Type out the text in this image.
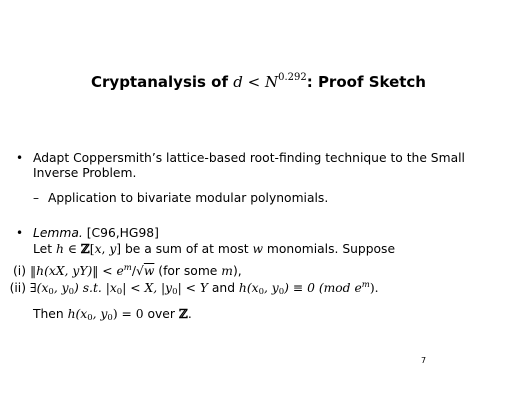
Cryptanalysis of $d < N^{0.292}$: Proof Sketch
• Adapt Coppersmith’s lattice-based root-finding technique to the Small
Inverse Problem.
– Application to bivariate modular polynomials.
• Lemma. [C96,HG98]
Let h ∈ ℤ[x, y] be a sum of at most w monomials. Suppose
(i) ‖h(xX, yY)‖ < $e^m/√w$ (for some m),
(ii) $\exists(x_0$, $y_0$) s.t. $|x_0| < X$, $|y_0| < Y$ and $h(x_0$, $y_0) \equiv 0$ (mod $e^m$).
Then $h(x_0$, $y_0) = 0$ over ℤ.
7
